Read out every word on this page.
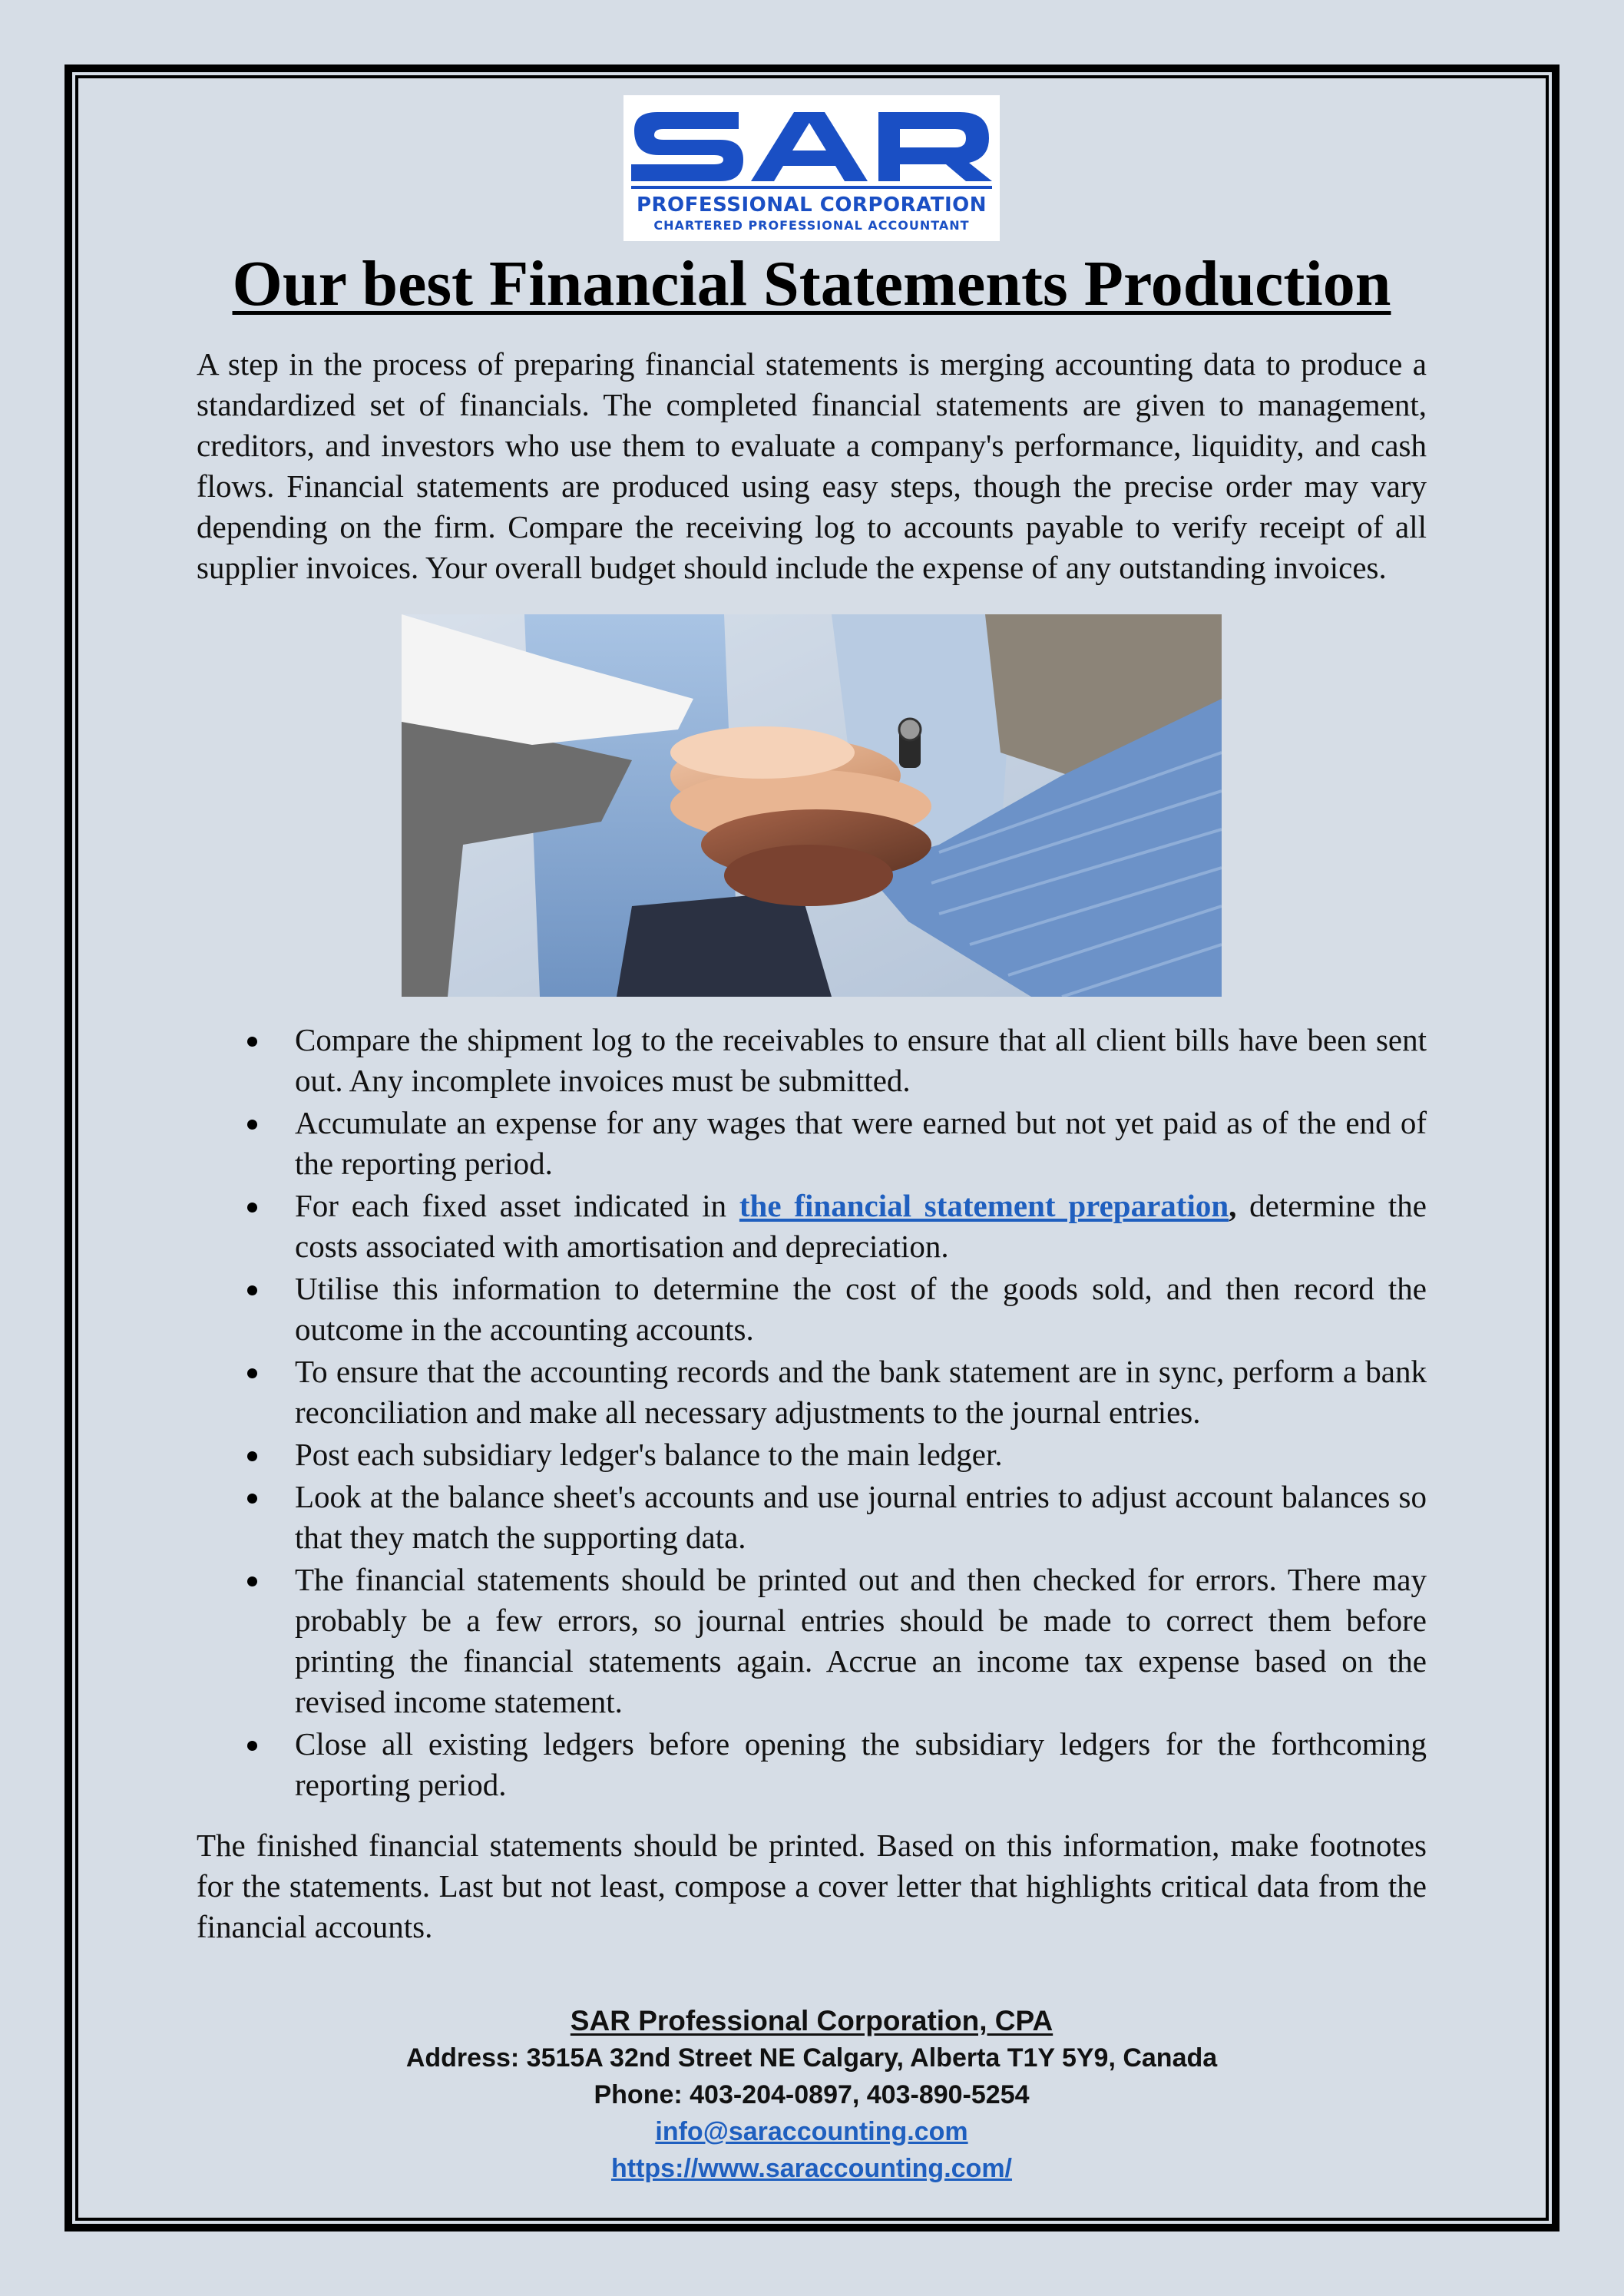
PROFESSIONAL CORPORATION
CHARTERED PROFESSIONAL ACCOUNTANT
Our best Financial Statements Production

A step in the process of preparing financial statements is merging accounting data to produce a standardized set of financials. The completed financial statements are given to management, creditors, and investors who use them to evaluate a company's performance, liquidity, and cash flows. Financial statements are produced using easy steps, though the precise order may vary depending on the firm. Compare the receiving log to accounts payable to verify receipt of all supplier invoices. Your overall budget should include the expense of any outstanding invoices.

Compare the shipment log to the receivables to ensure that all client bills have been sent out. Any incomplete invoices must be submitted.
Accumulate an expense for any wages that were earned but not yet paid as of the end of the reporting period.
For each fixed asset indicated in the financial statement preparation, determine the costs associated with amortisation and depreciation.
Utilise this information to determine the cost of the goods sold, and then record the outcome in the accounting accounts.
To ensure that the accounting records and the bank statement are in sync, perform a bank reconciliation and make all necessary adjustments to the journal entries.
Post each subsidiary ledger's balance to the main ledger.
Look at the balance sheet's accounts and use journal entries to adjust account balances so that they match the supporting data.
The financial statements should be printed out and then checked for errors. There may probably be a few errors, so journal entries should be made to correct them before printing the financial statements again. Accrue an income tax expense based on the revised income statement.
Close all existing ledgers before opening the subsidiary ledgers for the forthcoming reporting period.

The finished financial statements should be printed. Based on this information, make footnotes for the statements. Last but not least, compose a cover letter that highlights critical data from the financial accounts.

SAR Professional Corporation, CPA
Address: 3515A 32nd Street NE Calgary, Alberta T1Y 5Y9, Canada
Phone: 403-204-0897, 403-890-5254
info@saraccounting.com
https://www.saraccounting.com/
